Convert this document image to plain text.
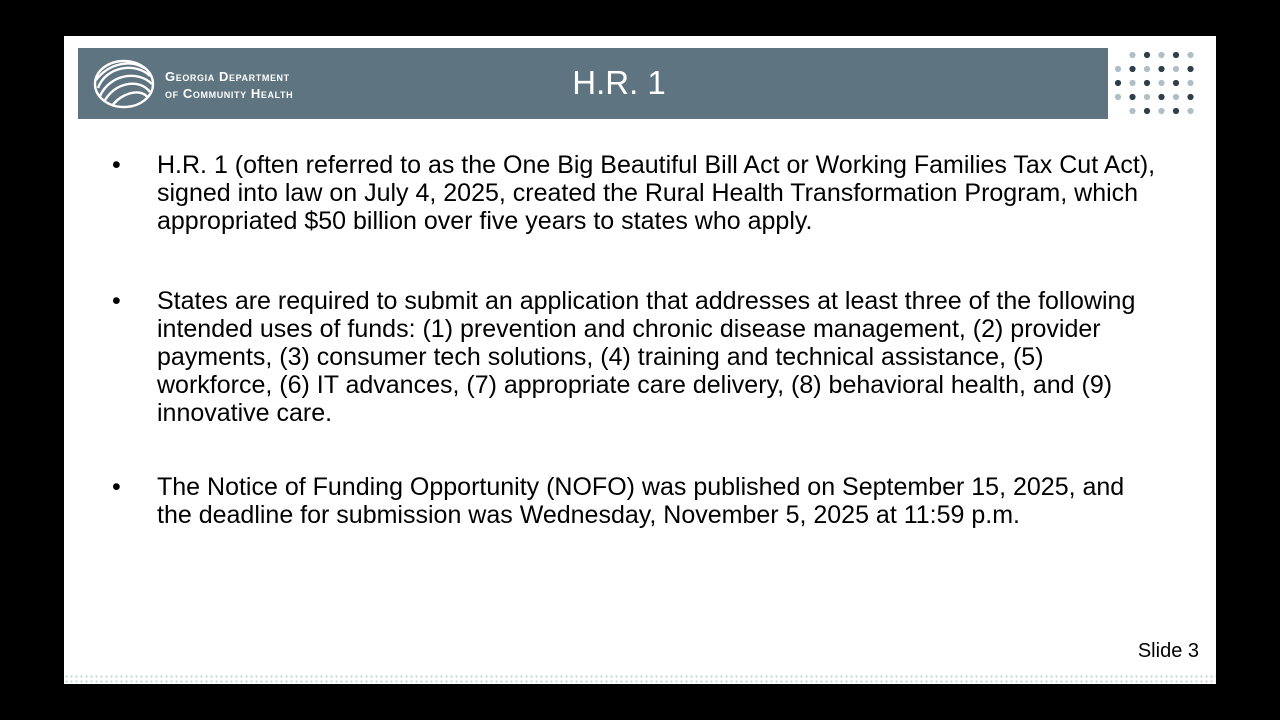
Georgia Department
of Community Health	H.R. 1
•	H.R. 1 (often referred to as the One Big Beautiful Bill Act or Working Families Tax Cut Act), signed into law on July 4, 2025, created the Rural Health Transformation Program, which appropriated $50 billion over five years to states who apply.
•	States are required to submit an application that addresses at least three of the following intended uses of funds: (1) prevention and chronic disease management, (2) provider payments, (3) consumer tech solutions, (4) training and technical assistance, (5) workforce, (6) IT advances, (7) appropriate care delivery, (8) behavioral health, and (9) innovative care.
•	The Notice of Funding Opportunity (NOFO) was published on September 15, 2025, and the deadline for submission was Wednesday, November 5, 2025 at 11:59 p.m.
Slide 3
